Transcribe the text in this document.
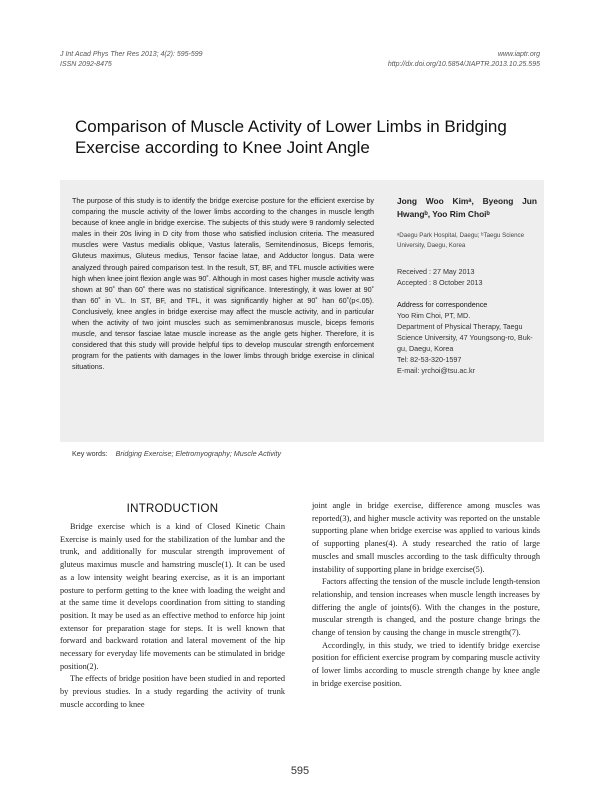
J Int Acad Phys Ther Res 2013; 4(2): 595-599
ISSN 2092-8475
www.iaptr.org
http://dx.doi.org/10.5854/JIAPTR.2013.10.25.595
Comparison of Muscle Activity of Lower Limbs in Bridging Exercise according to Knee Joint Angle

The purpose of this study is to identify the bridge exercise posture for the efficient exercise by comparing the muscle activity of the lower limbs according to the changes in muscle length because of knee angle in bridge exercise. The subjects of this study were 9 randomly selected males in their 20s living in D city from those who satisfied inclusion criteria. The measured muscles were Vastus medialis oblique, Vastus lateralis, Semitendinosus, Biceps femoris, Gluteus maximus, Gluteus medius, Tensor faciae latae, and Adductor longus. Data were analyzed through paired comparison test. In the result, ST, BF, and TFL muscle activities were high when knee joint flexion angle was 90˚. Although in most cases higher muscle activity was shown at 90˚ than 60˚ there was no statistical significance. Interestingly, it was lower at 90˚ than 60˚ in VL. In ST, BF, and TFL, it was significantly higher at 90˚ han 60˚(p<.05). Conclusively, knee angles in bridge exercise may affect the muscle activity, and in particular when the activity of two joint muscles such as semimenbranosus muscle, biceps femoris muscle, and tensor fasciae latae muscle increase as the angle gets higher. Therefore, it is considered that this study will provide helpful tips to develop muscular strength enforcement program for the patients with damages in the lower limbs through bridge exercise in clinical situations.

Jong Woo Kimᵃ, Byeong Jun Hwangᵇ, Yoo Rim Choiᵇ
ᵃDaegu Park Hospital, Daegu; ᵇTaegu Science University, Daegu, Korea
Received : 27 May 2013
Accepted : 8 October 2013
Address for correspondence
Yoo Rim Choi, PT, MD.
Department of Physical Therapy, Taegu Science University, 47 Youngsong-ro, Buk-gu, Daegu, Korea
Tel: 82-53-320-1597
E-mail: yrchoi@tsu.ac.kr
Key words: Bridging Exercise; Eletromyography; Muscle Activity
INTRODUCTION

Bridge exercise which is a kind of Closed Kinetic Chain Exercise is mainly used for the stabilization of the lumbar and the trunk, and additionally for muscular strength improvement of gluteus maximus muscle and hamstring muscle(1). It can be used as a low intensity weight bearing exercise, as it is an important posture to perform getting to the knee with loading the weight and at the same time it develops coordination from sitting to standing position. It may be used as an effective method to enforce hip joint extensor for preparation stage for steps. It is well known that forward and backward rotation and lateral movement of the hip necessary for everyday life movements can be stimulated in bridge position(2).

The effects of bridge position have been studied in and reported by previous studies. In a study regarding the activity of trunk muscle according to knee

joint angle in bridge exercise, difference among muscles was reported(3), and higher muscle activity was reported on the unstable supporting plane when bridge exercise was applied to various kinds of supporting planes(4). A study researched the ratio of large muscles and small muscles according to the task difficulty through instability of supporting plane in bridge exercise(5).

Factors affecting the tension of the muscle include length-tension relationship, and tension increases when muscle length increases by differing the angle of joints(6). With the changes in the posture, muscular strength is changed, and the posture change brings the change of tension by causing the change in muscle strength(7).

Accordingly, in this study, we tried to identify bridge exercise position for efficient exercise program by comparing muscle activity of lower limbs according to muscle strength change by knee angle in bridge exercise position.

595
